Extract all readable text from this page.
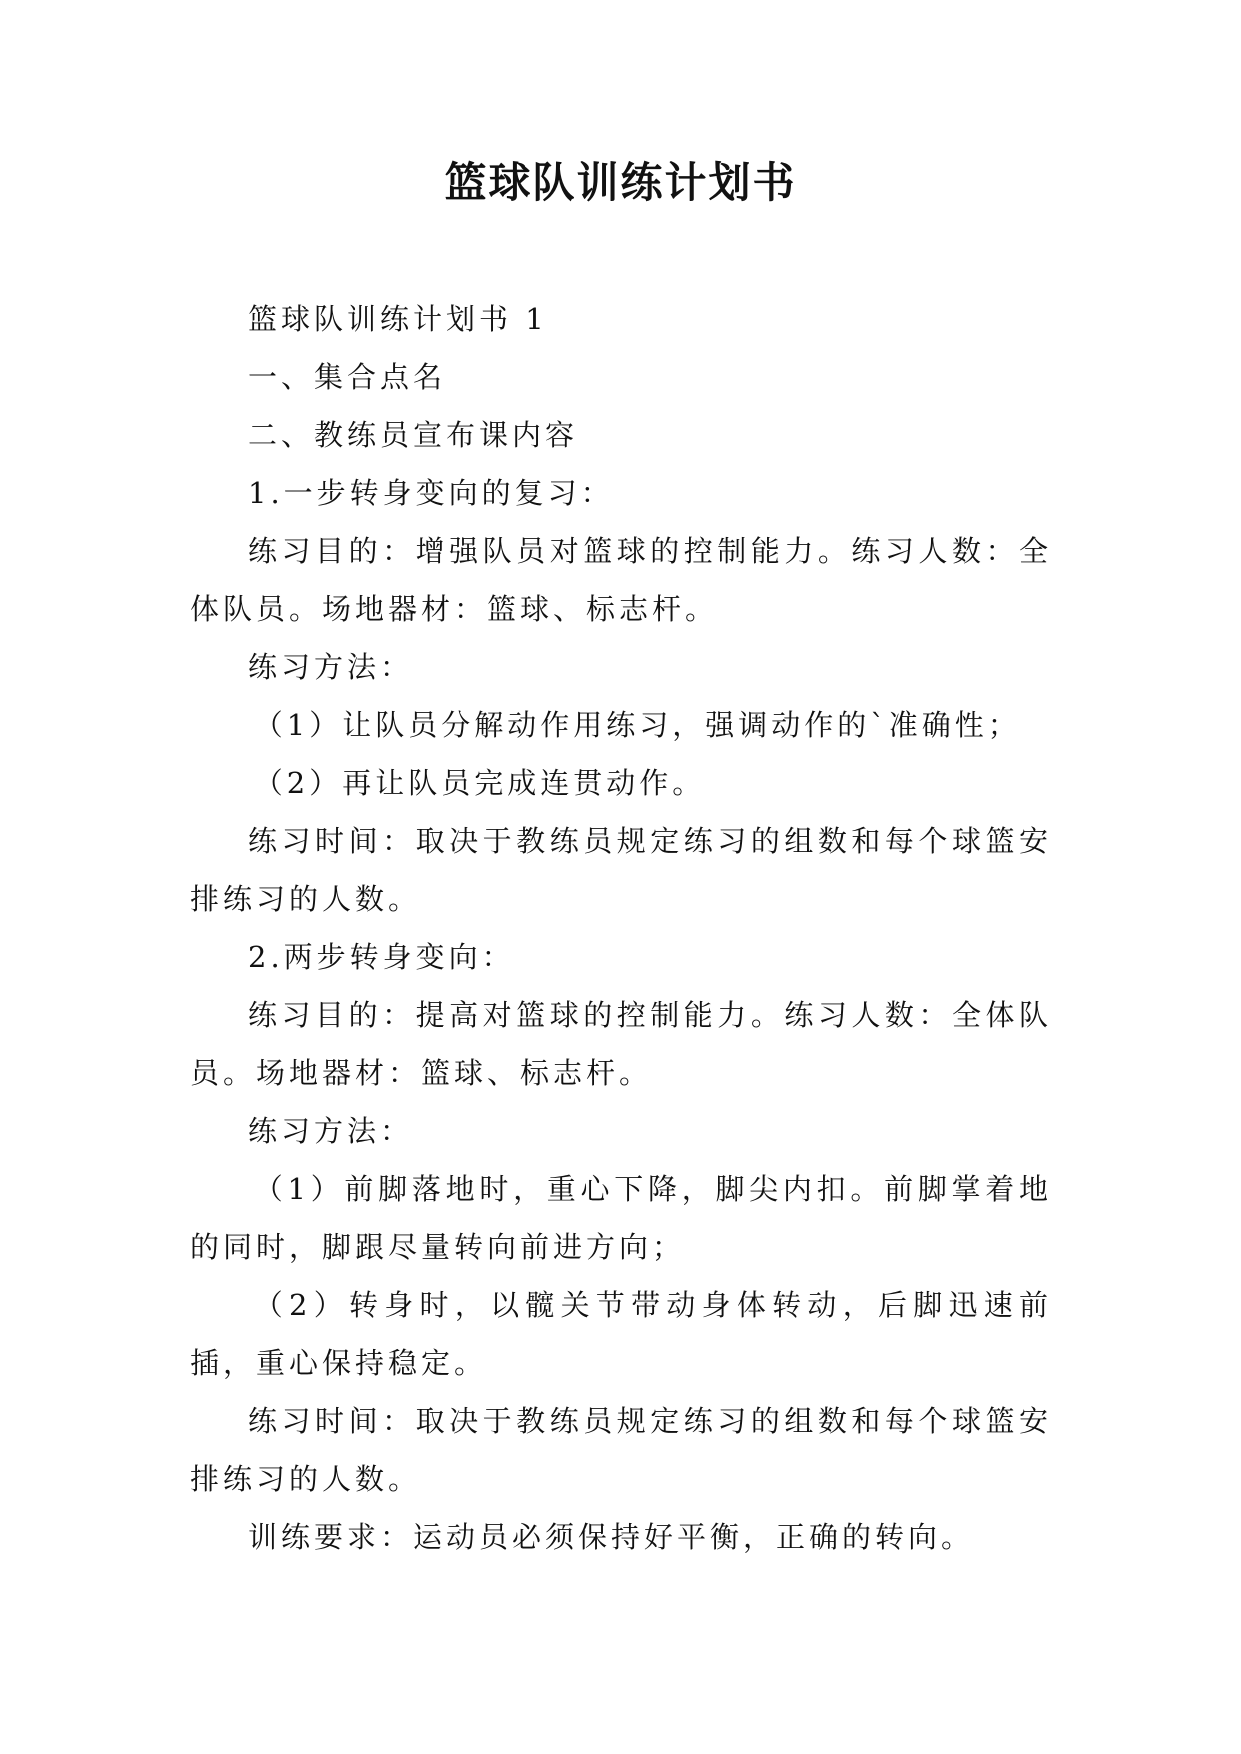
篮球队训练计划书

篮球队训练计划书 1

一、集合点名

二、教练员宣布课内容

1.一步转身变向的复习：

练习目的：增强队员对篮球的控制能力。练习人数：全体队员。场地器材：篮球、标志杆。

练习方法：

（1）让队员分解动作用练习，强调动作的`准确性；

（2）再让队员完成连贯动作。

练习时间：取决于教练员规定练习的组数和每个球篮安排练习的人数。

2.两步转身变向：

练习目的：提高对篮球的控制能力。练习人数：全体队员。场地器材：篮球、标志杆。

练习方法：

（1）前脚落地时，重心下降，脚尖内扣。前脚掌着地的同时，脚跟尽量转向前进方向；

（2）转身时，以髋关节带动身体转动，后脚迅速前插，重心保持稳定。

练习时间：取决于教练员规定练习的组数和每个球篮安排练习的人数。

训练要求：运动员必须保持好平衡，正确的转向。
